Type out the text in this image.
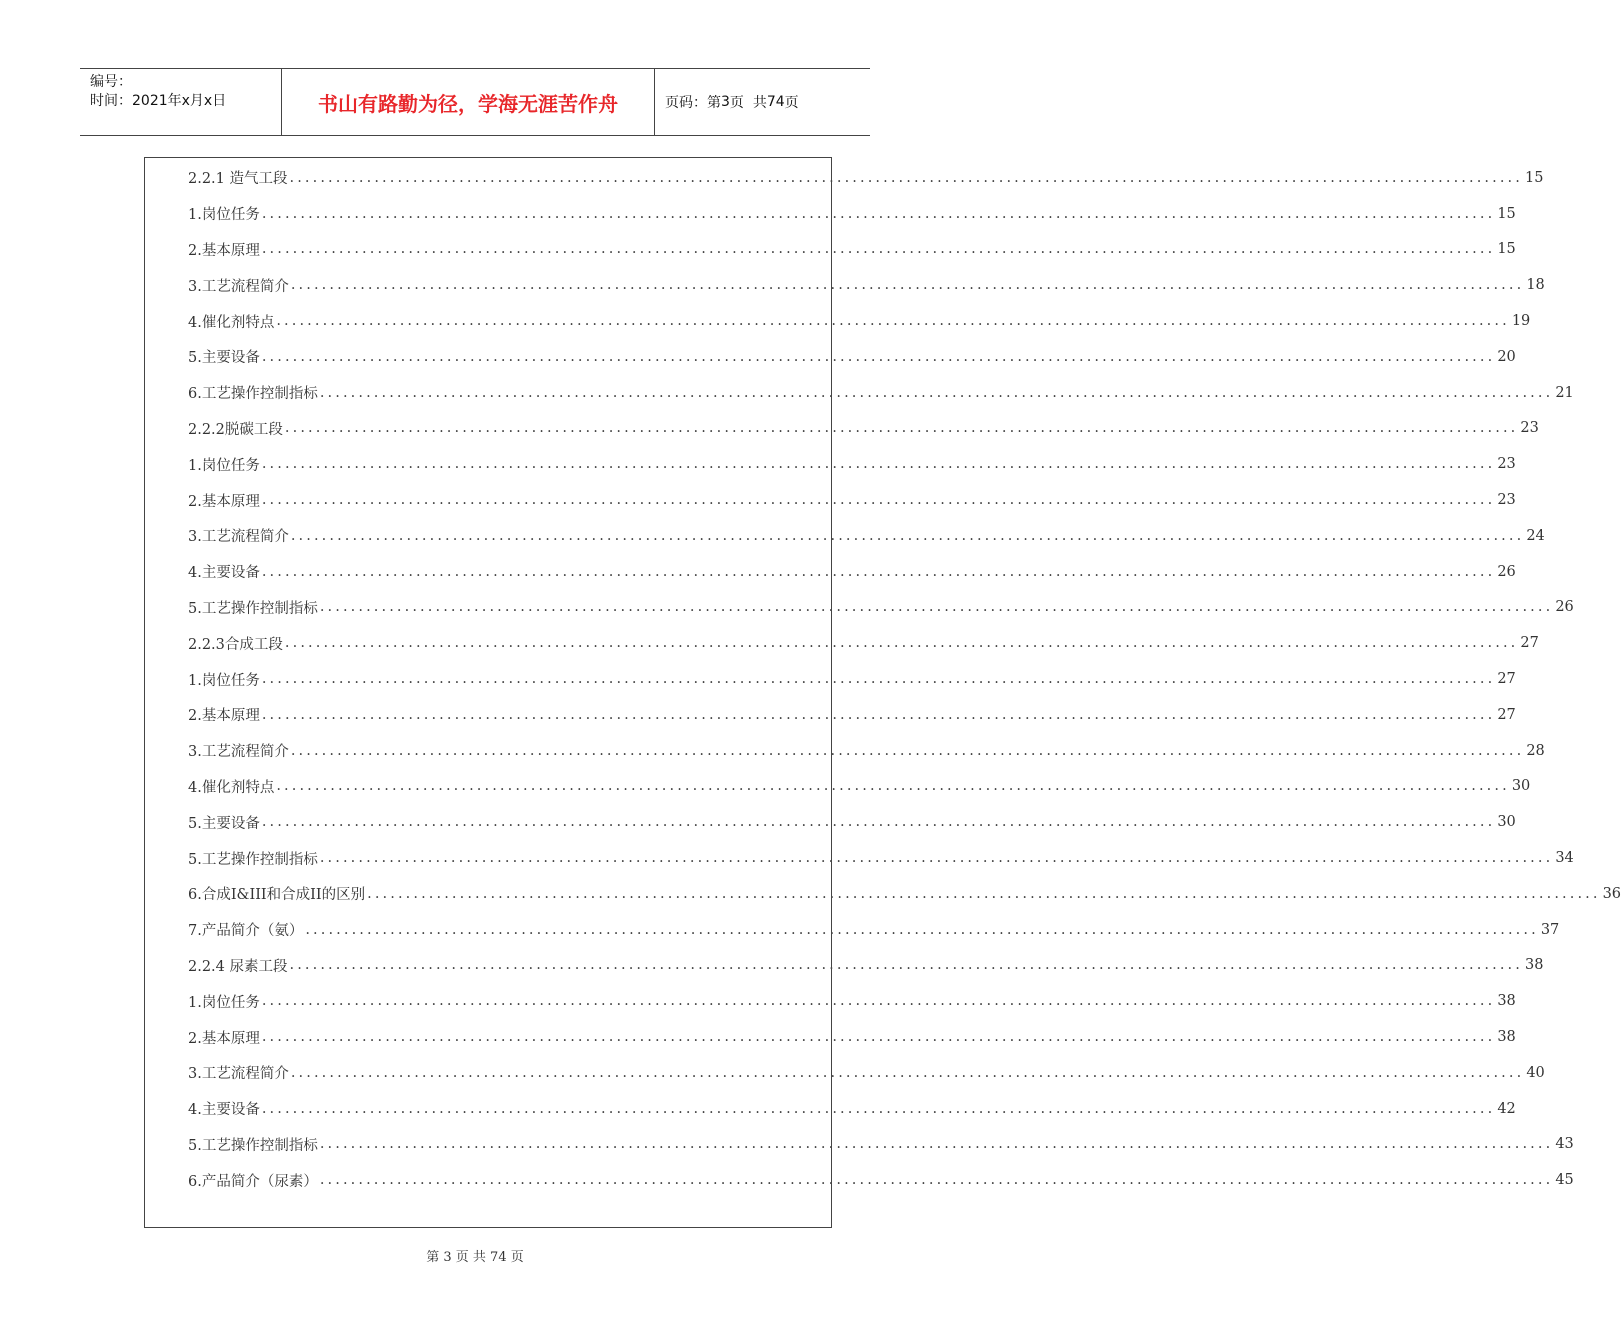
编号：
时间：2021年x月x日	书山有路勤为径，学海无涯苦作舟	页码：第 3 页  共 74 页
2.2.1 造气工段 ................................................................................................................................................................ 15
1.岗位任务 ................................................................................................................................................................ 15
2.基本原理 ................................................................................................................................................................ 15
3.工艺流程简介 ................................................................................................................................................................ 18
4.催化剂特点 ................................................................................................................................................................ 19
5.主要设备 ................................................................................................................................................................ 20
6.工艺操作控制指标 ................................................................................................................................................................ 21
2.2.2脱碳工段 ................................................................................................................................................................ 23
1.岗位任务 ................................................................................................................................................................ 23
2.基本原理 ................................................................................................................................................................ 23
3.工艺流程简介 ................................................................................................................................................................ 24
4.主要设备 ................................................................................................................................................................ 26
5.工艺操作控制指标 ................................................................................................................................................................ 26
2.2.3合成工段 ................................................................................................................................................................ 27
1.岗位任务 ................................................................................................................................................................ 27
2.基本原理 ................................................................................................................................................................ 27
3.工艺流程简介 ................................................................................................................................................................ 28
4.催化剂特点 ................................................................................................................................................................ 30
5.主要设备 ................................................................................................................................................................ 30
5.工艺操作控制指标 ................................................................................................................................................................ 34
6.合成I&III和合成II的区别 ................................................................................................................................................................ 36
7.产品简介（氨） ................................................................................................................................................................ 37
2.2.4 尿素工段 ................................................................................................................................................................ 38
1.岗位任务 ................................................................................................................................................................ 38
2.基本原理 ................................................................................................................................................................ 38
3.工艺流程简介 ................................................................................................................................................................ 40
4.主要设备 ................................................................................................................................................................ 42
5.工艺操作控制指标 ................................................................................................................................................................ 43
6.产品简介（尿素） ................................................................................................................................................................ 45
第 3 页 共 74 页
